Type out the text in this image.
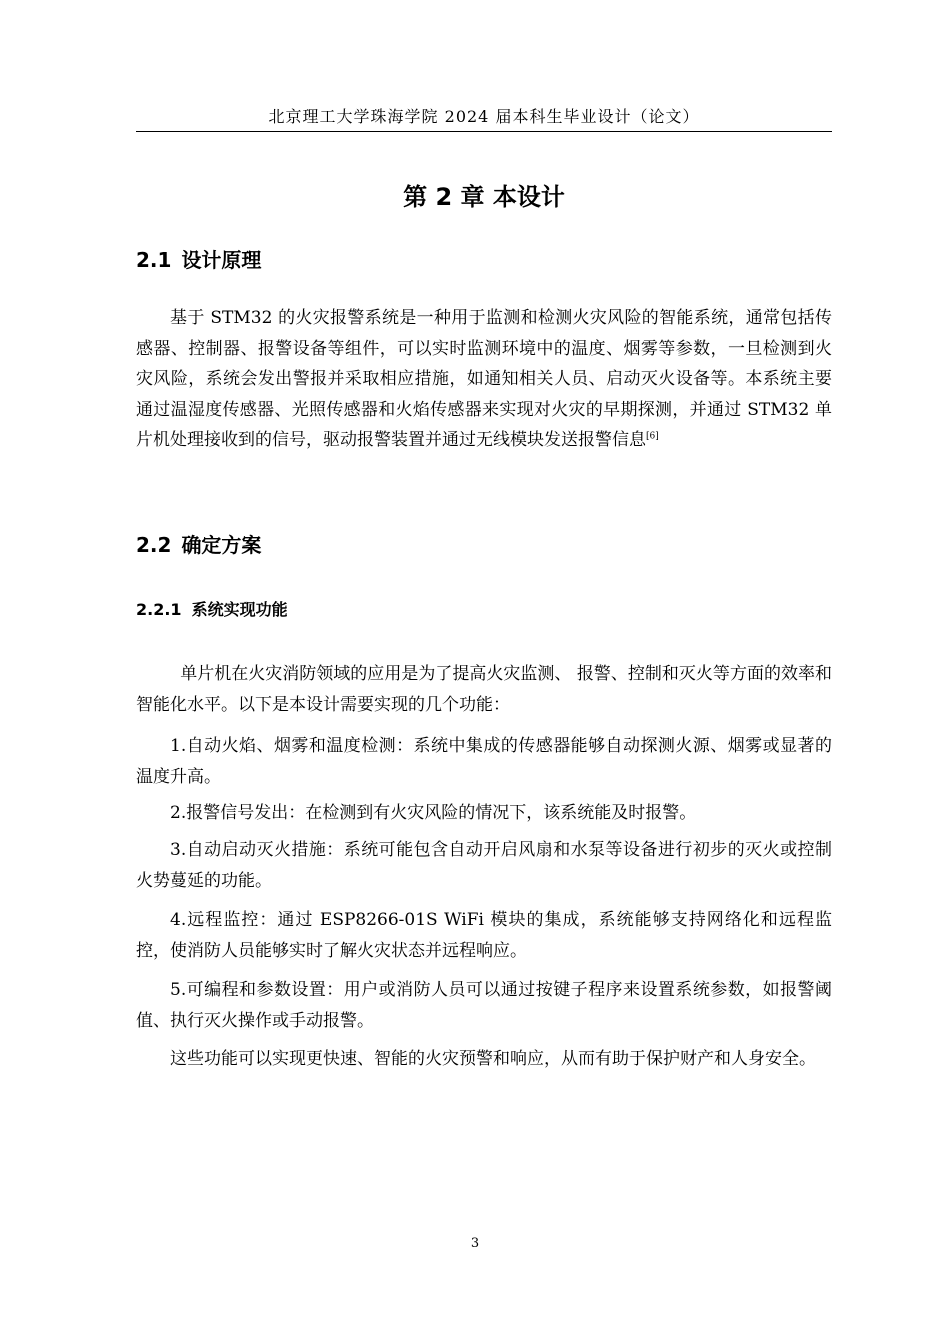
北京理工大学珠海学院 2024 届本科生毕业设计（论文）
第 2 章 本设计
2.1 设计原理

基于 STM32 的火灾报警系统是一种用于监测和检测火灾风险的智能系统，通常包括传感器、控制器、报警设备等组件，可以实时监测环境中的温度、烟雾等参数，一旦检测到火灾风险，系统会发出警报并采取相应措施，如通知相关人员、启动灭火设备等。本系统主要通过温湿度传感器、光照传感器和火焰传感器来实现对火灾的早期探测，并通过 STM32 单片机处理接收到的信号，驱动报警装置并通过无线模块发送报警信息[6]

2.2 确定方案
2.2.1 系统实现功能

单片机在火灾消防领域的应用是为了提高火灾监测、 报警、控制和灭火等方面的效率和智能化水平。以下是本设计需要实现的几个功能：

1.自动火焰、烟雾和温度检测：系统中集成的传感器能够自动探测火源、烟雾或显著的温度升高。

2.报警信号发出：在检测到有火灾风险的情况下，该系统能及时报警。

3.自动启动灭火措施：系统可能包含自动开启风扇和水泵等设备进行初步的灭火或控制火势蔓延的功能。

4.远程监控：通过 ESP8266-01S WiFi 模块的集成，系统能够支持网络化和远程监控，使消防人员能够实时了解火灾状态并远程响应。

5.可编程和参数设置：用户或消防人员可以通过按键子程序来设置系统参数，如报警阈值、执行灭火操作或手动报警。

这些功能可以实现更快速、智能的火灾预警和响应，从而有助于保护财产和人身安全。

3
